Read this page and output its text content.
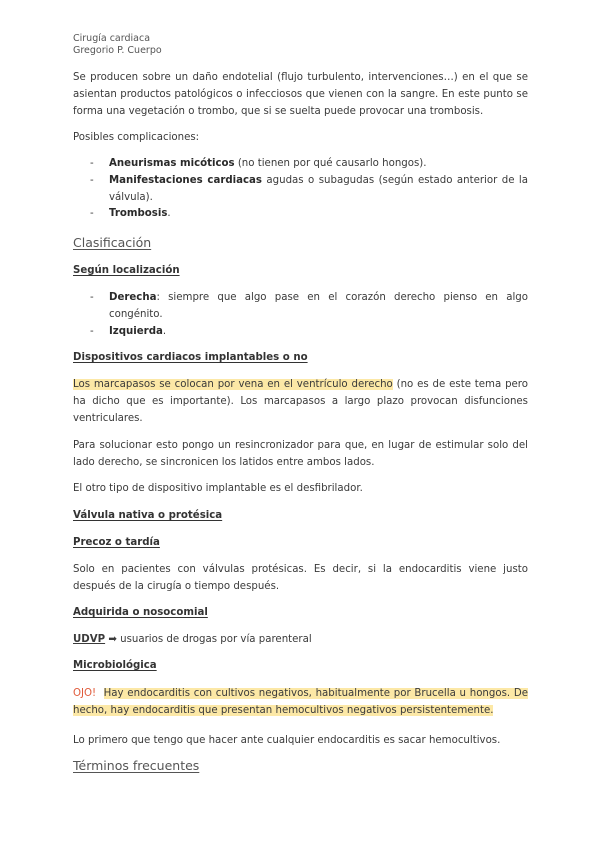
Cirugía cardiaca
Gregorio P. Cuerpo

Se producen sobre un daño endotelial (flujo turbulento, intervenciones…) en el que se asientan productos patológicos o infecciosos que vienen con la sangre. En este punto se forma una vegetación o trombo, que si se suelta puede provocar una trombosis.

Posibles complicaciones:
- Aneurismas micóticos (no tienen por qué causarlo hongos).
- Manifestaciones cardiacas agudas o subagudas (según estado anterior de la válvula).
- Trombosis.
Clasificación
Según localización
- Derecha: siempre que algo pase en el corazón derecho pienso en algo congénito.
- Izquierda.
Dispositivos cardiacos implantables o no

Los marcapasos se colocan por vena en el ventrículo derecho (no es de este tema pero ha dicho que es importante). Los marcapasos a largo plazo provocan disfunciones ventriculares.

Para solucionar esto pongo un resincronizador para que, en lugar de estimular solo del lado derecho, se sincronicen los latidos entre ambos lados.

El otro tipo de dispositivo implantable es el desfibrilador.

Válvula nativa o protésica
Precoz o tardía

Solo en pacientes con válvulas protésicas. Es decir, si la endocarditis viene justo después de la cirugía o tiempo después.

Adquirida o nosocomial

UDVP ➡ usuarios de drogas por vía parenteral

Microbiológica

OJO! Hay endocarditis con cultivos negativos, habitualmente por Brucella u hongos. De hecho, hay endocarditis que presentan hemocultivos negativos persistentemente.

Lo primero que tengo que hacer ante cualquier endocarditis es sacar hemocultivos.

Términos frecuentes
